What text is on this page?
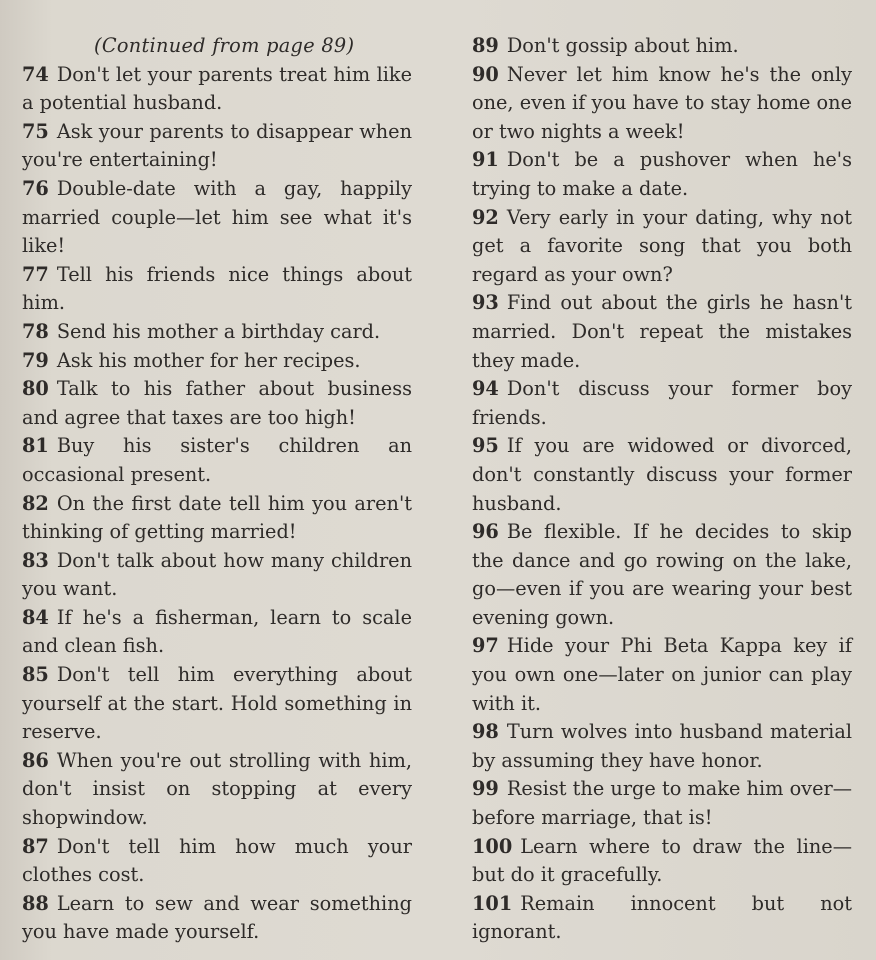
(Continued from page 89)

74 Don't let your parents treat him like a potential husband.

75 Ask your parents to disappear when you're entertaining!

76 Double-date with a gay, happily married couple—let him see what it's like!

77 Tell his friends nice things about him.

78 Send his mother a birthday card.

79 Ask his mother for her recipes.

80 Talk to his father about business and agree that taxes are too high!

81 Buy his sister's children an occasional present.

82 On the first date tell him you aren't thinking of getting married!

83 Don't talk about how many children you want.

84 If he's a fisherman, learn to scale and clean fish.

85 Don't tell him everything about yourself at the start. Hold something in reserve.

86 When you're out strolling with him, don't insist on stopping at every shopwindow.

87 Don't tell him how much your clothes cost.

88 Learn to sew and wear something you have made yourself.

89 Don't gossip about him.

90 Never let him know he's the only one, even if you have to stay home one or two nights a week!

91 Don't be a pushover when he's trying to make a date.

92 Very early in your dating, why not get a favorite song that you both regard as your own?

93 Find out about the girls he hasn't married. Don't repeat the mistakes they made.

94 Don't discuss your former boy friends.

95 If you are widowed or divorced, don't constantly discuss your former husband.

96 Be flexible. If he decides to skip the dance and go rowing on the lake, go—even if you are wearing your best evening gown.

97 Hide your Phi Beta Kappa key if you own one—later on junior can play with it.

98 Turn wolves into husband material by assuming they have honor.

99 Resist the urge to make him over—before marriage, that is!

100 Learn where to draw the line—but do it gracefully.

101 Remain innocent but not ignorant.
